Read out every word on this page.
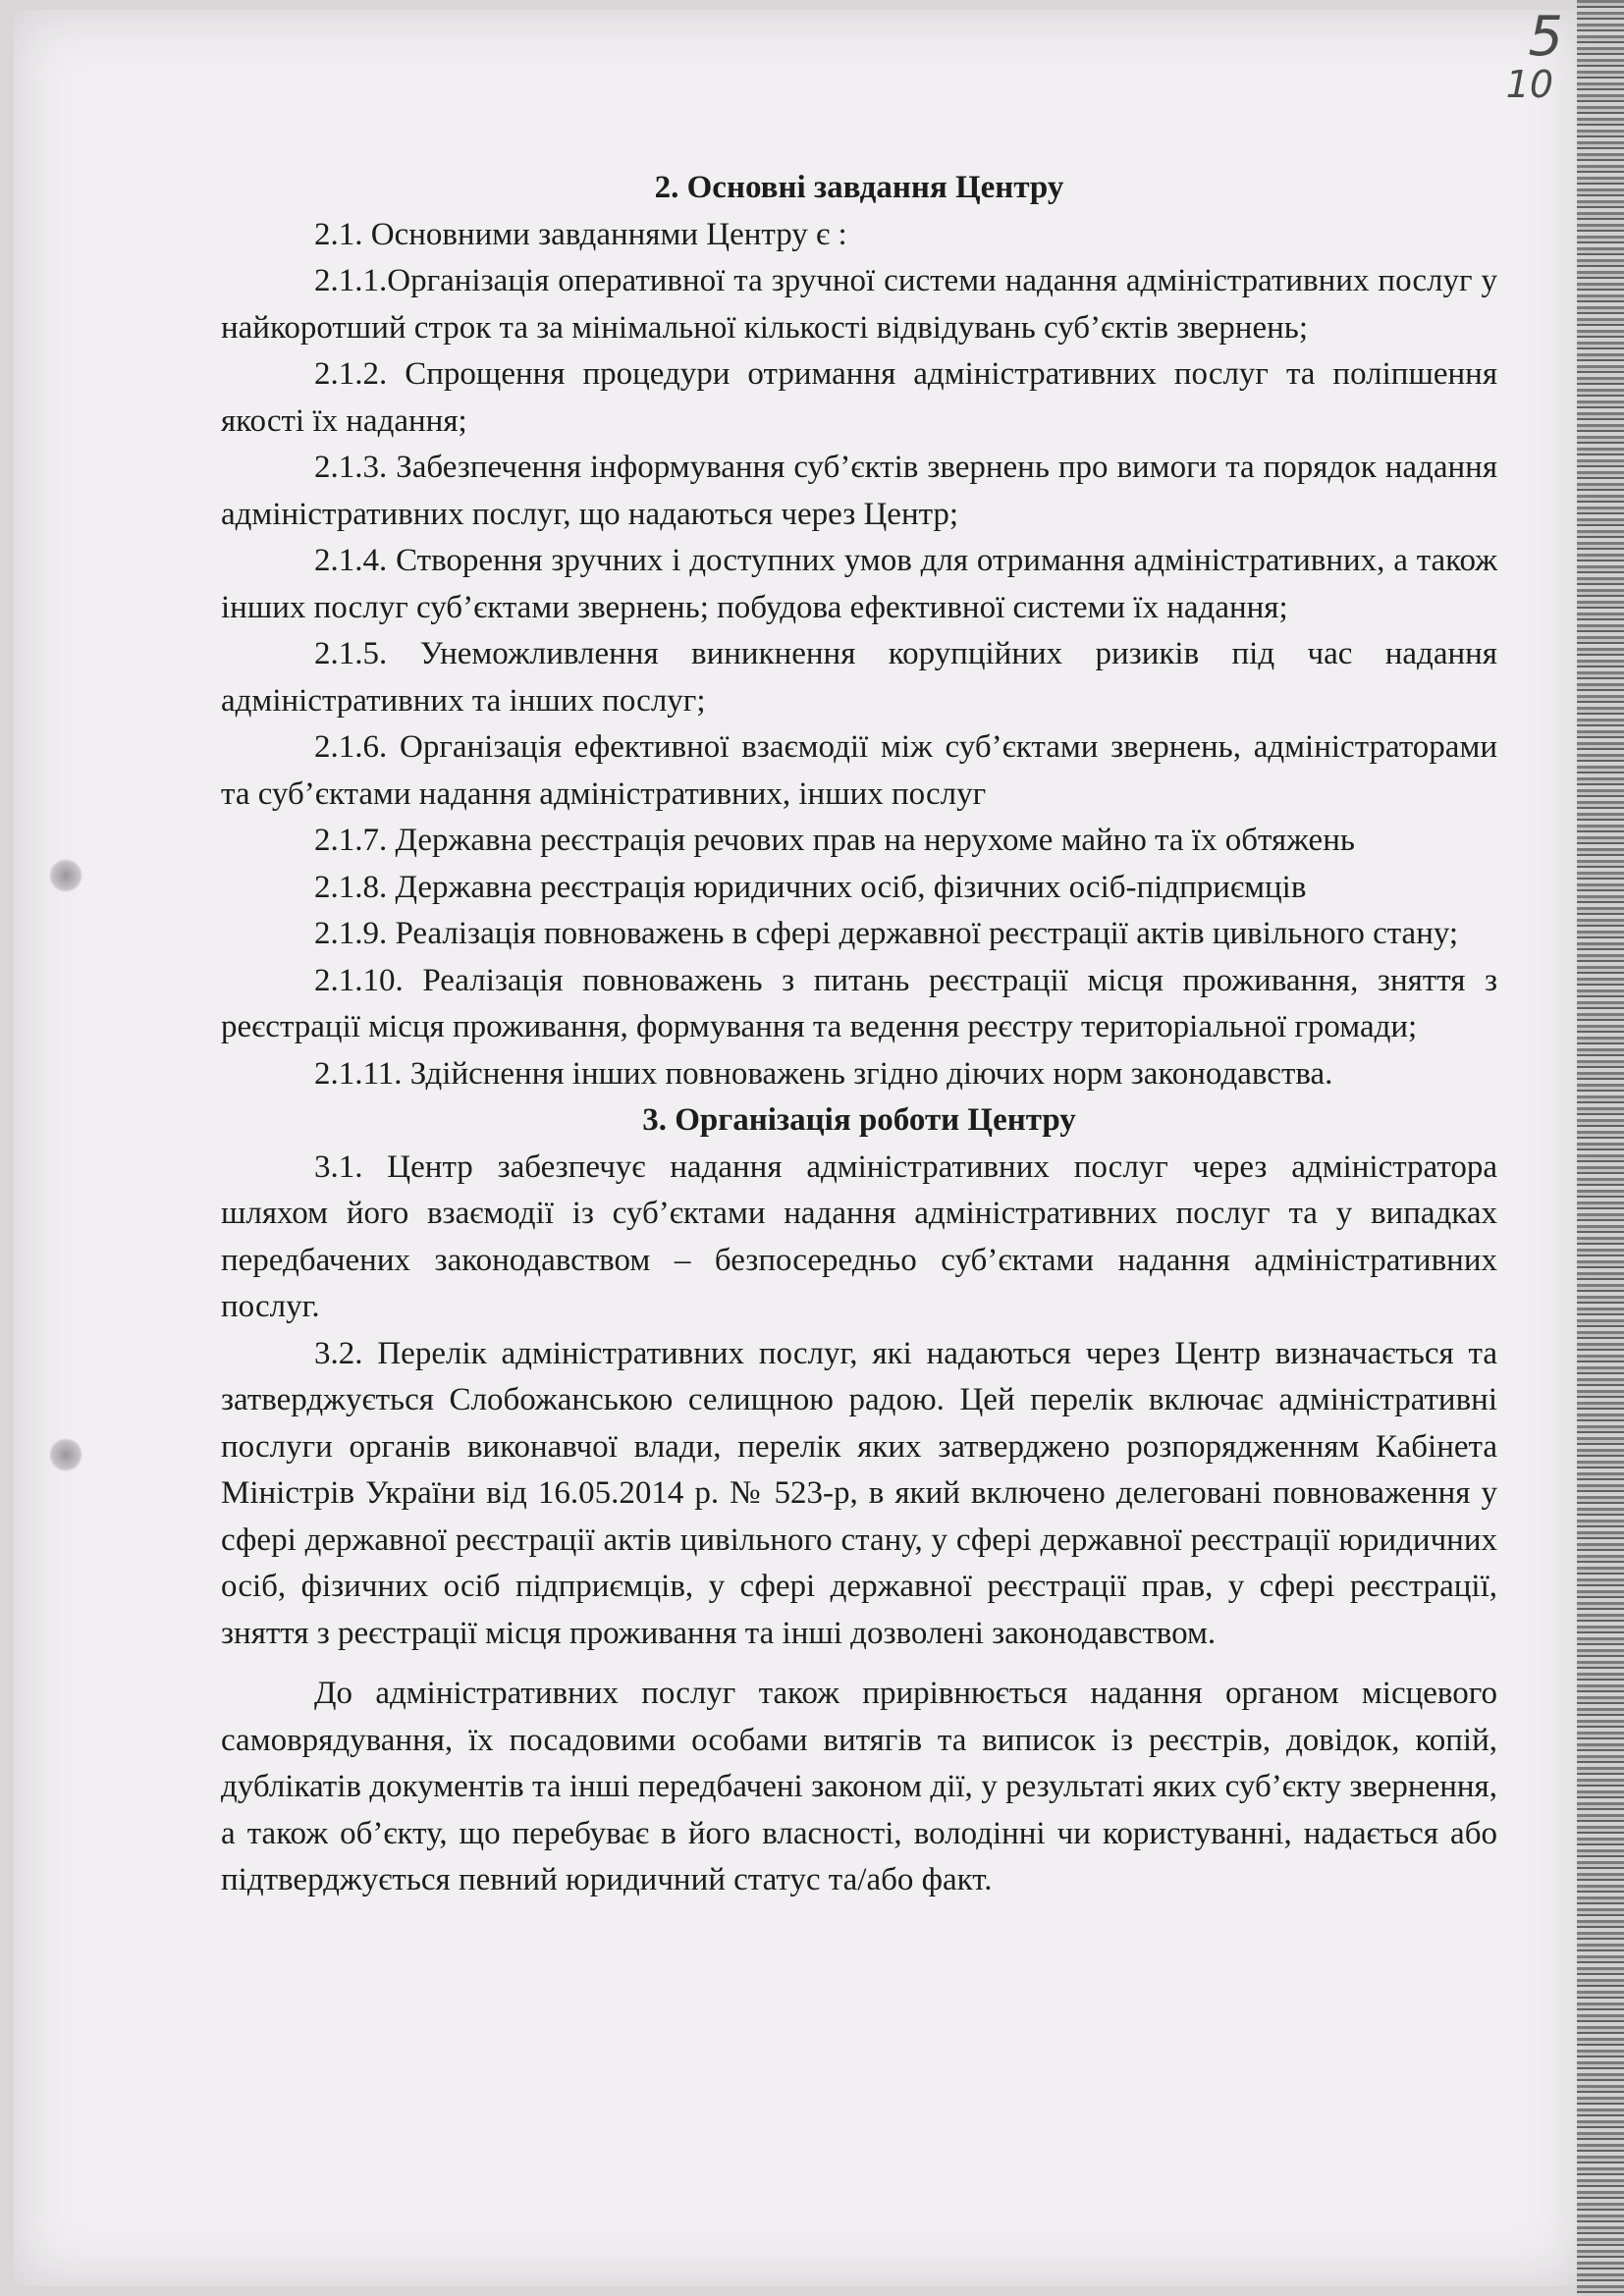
5
10

2. Основні завдання Центру

2.1. Основними завданнями Центру є :

2.1.1.Організація оперативної та зручної системи надання адміністративних послуг у найкоротший строк та за мінімальної кількості відвідувань суб’єктів звернень;

2.1.2. Спрощення процедури отримання адміністративних послуг та поліпшення якості їх надання;

2.1.3. Забезпечення інформування суб’єктів звернень про вимоги та порядок надання адміністративних послуг, що надаються через Центр;

2.1.4. Створення зручних і доступних умов для отримання адміністративних, а також інших послуг суб’єктами звернень; побудова ефективної системи їх надання;

2.1.5. Унеможливлення виникнення корупційних ризиків під час надання адміністративних та інших послуг;

2.1.6. Організація ефективної взаємодії між суб’єктами звернень, адміністраторами та суб’єктами надання адміністративних, інших послуг

2.1.7. Державна реєстрація речових прав на нерухоме майно та їх обтяжень

2.1.8. Державна реєстрація юридичних осіб, фізичних осіб-підприємців

2.1.9. Реалізація повноважень в сфері державної реєстрації актів цивільного стану;

2.1.10. Реалізація повноважень з питань реєстрації місця проживання, зняття з реєстрації місця проживання, формування та ведення реєстру територіальної громади;

2.1.11. Здійснення інших повноважень згідно діючих норм законодавства.

3. Організація роботи Центру

3.1. Центр забезпечує надання адміністративних послуг через адміністратора шляхом його взаємодії із суб’єктами надання адміністративних послуг та у випадках передбачених законодавством – безпосередньо суб’єктами надання адміністративних послуг.

3.2. Перелік адміністративних послуг, які надаються через Центр визначається та затверджується Слобожанською селищною радою. Цей перелік включає адміністративні послуги органів виконавчої влади, перелік яких затверджено розпорядженням Кабінета Міністрів України від 16.05.2014 р. № 523-р, в який включено делеговані повноваження у сфері державної реєстрації актів цивільного стану, у сфері державної реєстрації юридичних осіб, фізичних осіб підприємців, у сфері державної реєстрації прав, у сфері реєстрації, зняття з реєстрації місця проживання та інші дозволені законодавством.

До адміністративних послуг також прирівнюється надання органом місцевого самоврядування, їх посадовими особами витягів та виписок із реєстрів, довідок, копій, дублікатів документів та інші передбачені законом дії, у результаті яких суб’єкту звернення, а також об’єкту, що перебуває в його власності, володінні чи користуванні, надається або підтверджується певний юридичний статус та/або факт.
